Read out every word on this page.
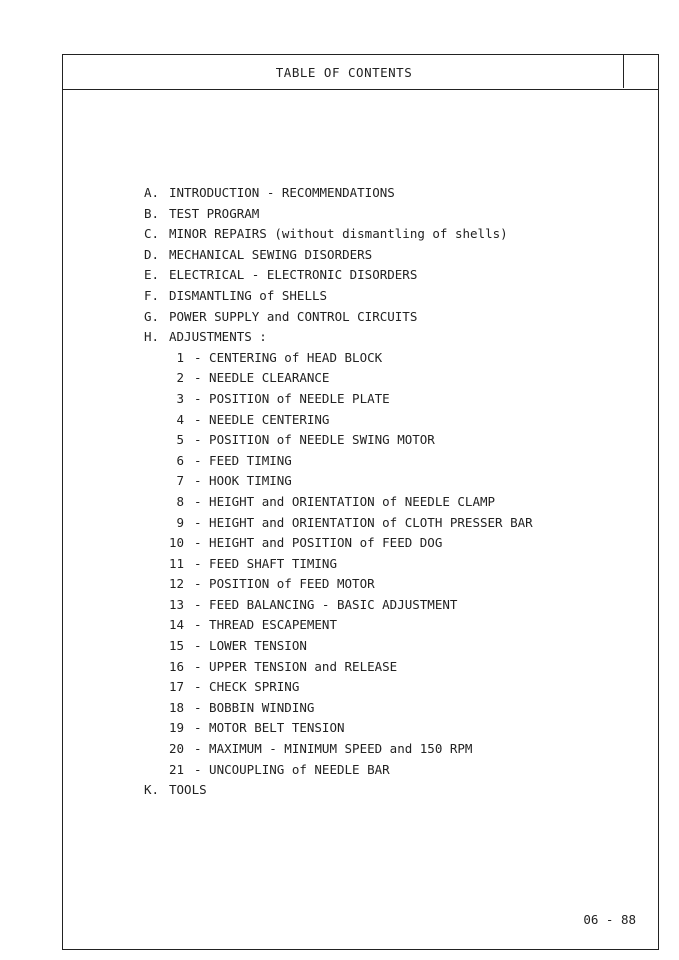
TABLE OF CONTENTS
A. INTRODUCTION - RECOMMENDATIONS
B. TEST PROGRAM
C. MINOR REPAIRS (without dismantling of shells)
D. MECHANICAL SEWING DISORDERS
E. ELECTRICAL - ELECTRONIC DISORDERS
F. DISMANTLING of SHELLS
G. POWER SUPPLY and CONTROL CIRCUITS
H. ADJUSTMENTS :
1 - CENTERING of HEAD BLOCK
2 - NEEDLE CLEARANCE
3 - POSITION of NEEDLE PLATE
4 - NEEDLE CENTERING
5 - POSITION of NEEDLE SWING MOTOR
6 - FEED TIMING
7 - HOOK TIMING
8 - HEIGHT and ORIENTATION of NEEDLE CLAMP
9 - HEIGHT and ORIENTATION of CLOTH PRESSER BAR
10 - HEIGHT and POSITION of FEED DOG
11 - FEED SHAFT TIMING
12 - POSITION of FEED MOTOR
13 - FEED BALANCING - BASIC ADJUSTMENT
14 - THREAD ESCAPEMENT
15 - LOWER TENSION
16 - UPPER TENSION and RELEASE
17 - CHECK SPRING
18 - BOBBIN WINDING
19 - MOTOR BELT TENSION
20 - MAXIMUM - MINIMUM SPEED and 150 RPM
21 - UNCOUPLING of NEEDLE BAR
K. TOOLS
06 - 88
